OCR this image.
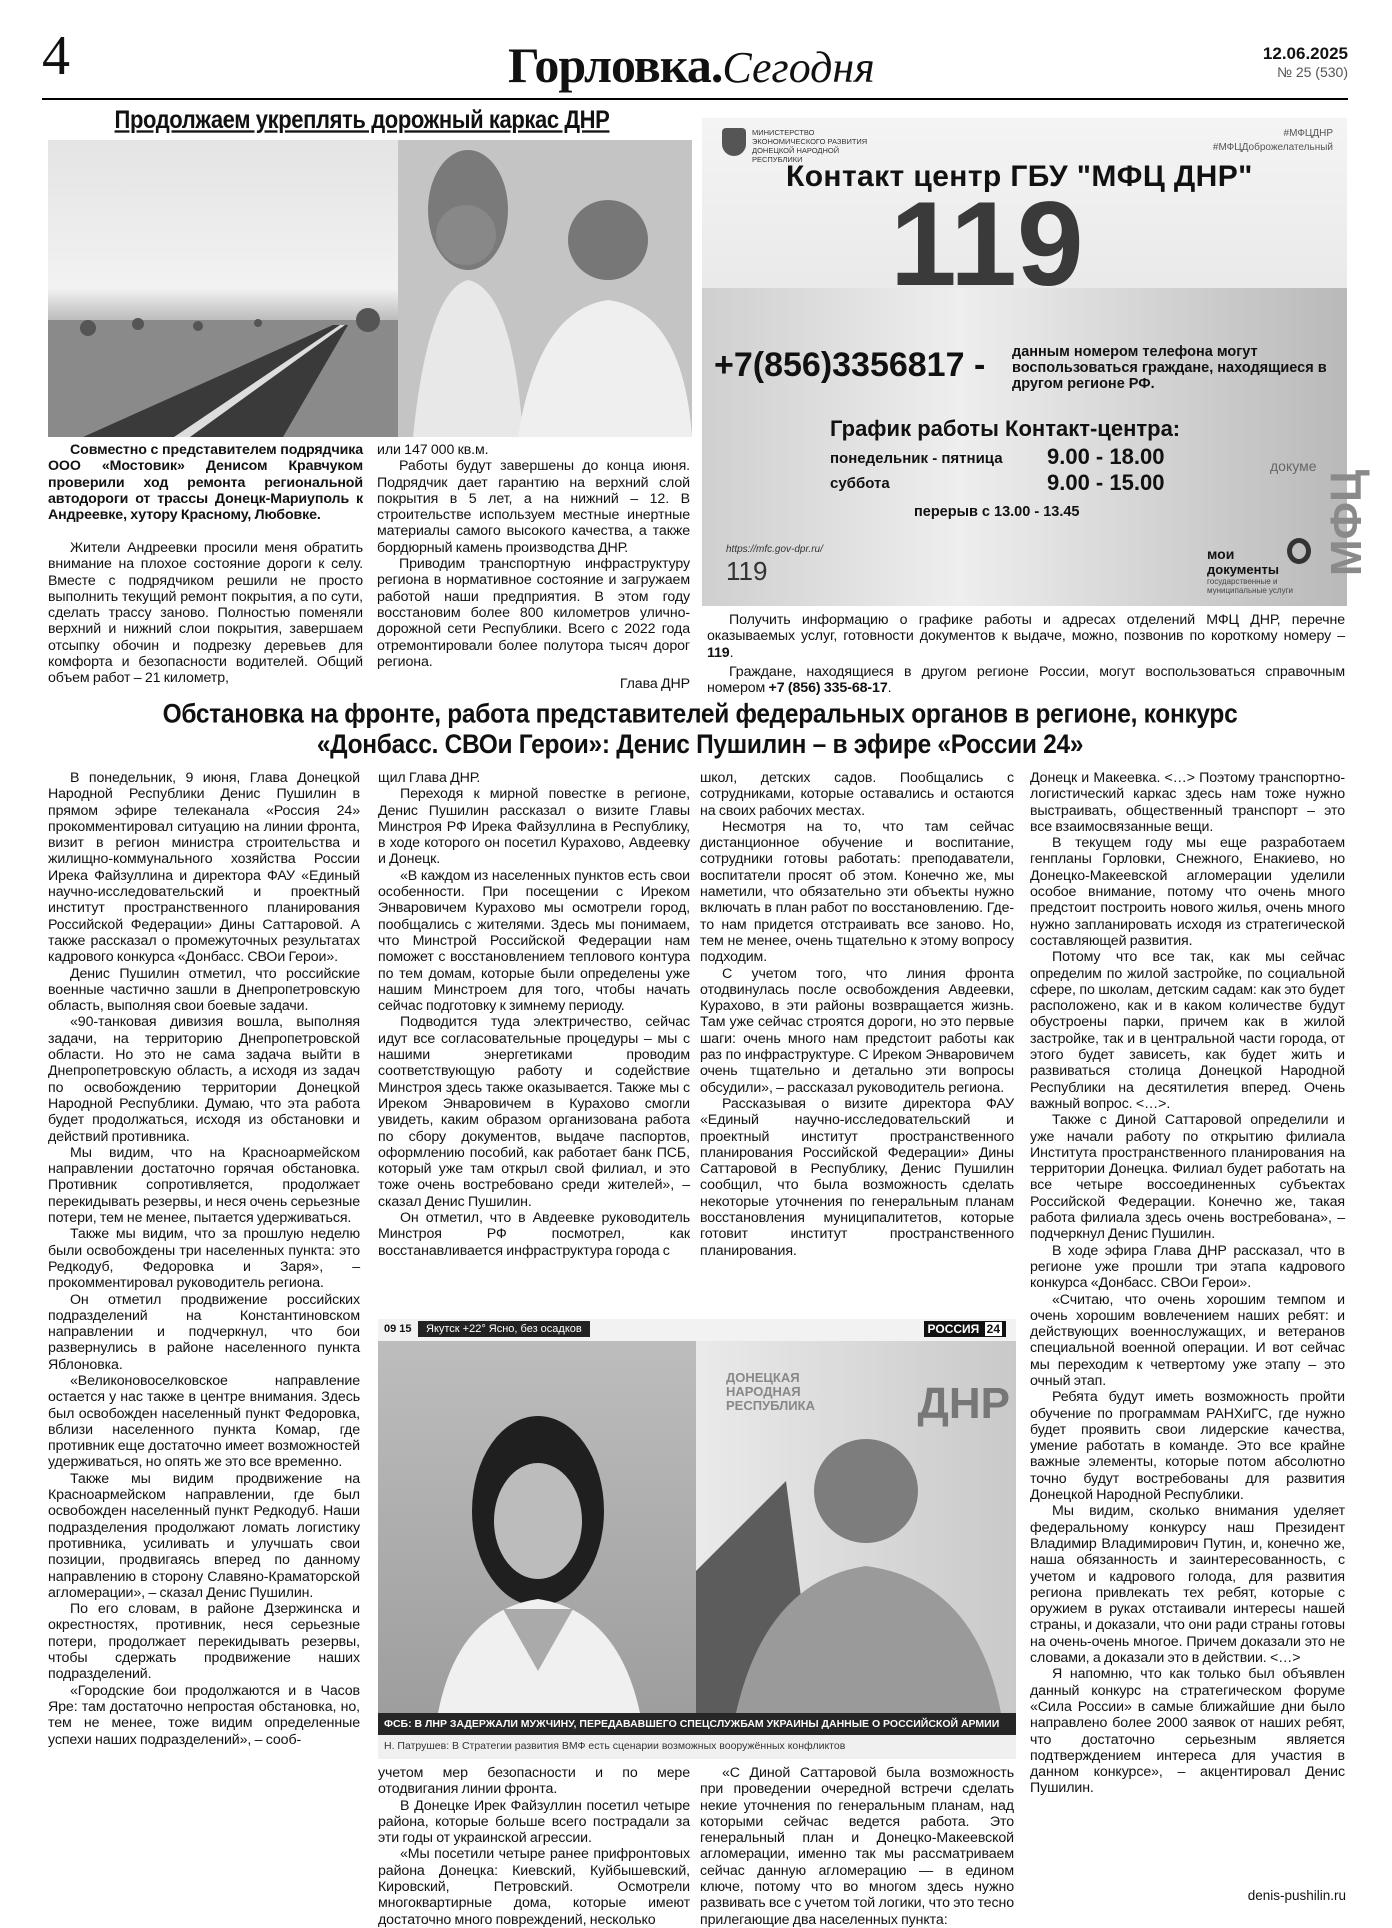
4	Горловка.Сегодня	12.06.2025
№ 25 (530)
Продолжаем укреплять дорожный каркас ДНР
Совместно с представителем подрядчика ООО «Мостовик» Денисом Кравчуком проверили ход ремонта региональной автодороги от трассы Донецк-Мариуполь к Андреевке, хутору Красному, Любовке.
Жители Андреевки просили меня обратить внимание на плохое состояние дороги к селу. Вместе с подрядчиком решили не просто выполнить текущий ремонт покрытия, а по сути, сделать трассу заново. Полностью поменяли верхний и нижний слои покрытия, завершаем отсыпку обочин и подрезку деревьев для комфорта и безопасности водителей. Общий объем работ – 21 километр,

или 147 000 кв.м.

Работы будут завершены до конца июня. Подрядчик дает гарантию на верхний слой покрытия в 5 лет, а на нижний – 12. В строительстве используем местные инертные материалы самого высокого качества, а также бордюрный камень производства ДНР.

Приводим транспортную инфраструктуру региона в нормативное состояние и загружаем работой наши предприятия. В этом году восстановим более 800 километров улично-дорожной сети Республики. Всего с 2022 года отремонтировали более полутора тысяч дорог региона.

Глава ДНР

МФЦ
докуме
МИНИСТЕРСТВО ЭКОНОМИЧЕСКОГО РАЗВИТИЯ ДОНЕЦКОЙ НАРОДНОЙ РЕСПУБЛИКИ
#МФЦДНР
#МФЦДоброжелательный
Контакт центр ГБУ "МФЦ ДНР"
119
+7(856)3356817 - данным номером телефона могут воспользоваться граждане, находящиеся в другом регионе РФ.
График работы Контакт-центра:
понедельник - пятница 9.00 - 18.00
суббота	9.00 - 15.00
перерыв с 13.00 - 13.45
https://mfc.gov-dpr.ru/
119
мои
документы
государственные и муниципальные услуги

Получить информацию о графике работы и адресах отделений МФЦ ДНР, перечне оказываемых услуг, готовности документов к выдаче, можно, позвонив по короткому номеру – 119.

Граждане, находящиеся в другом регионе России, могут воспользоваться справочным номером +7 (856) 335-68-17.

Обстановка на фронте, работа представителей федеральных органов в регионе, конкурс
«Донбасс. СВОи Герои»: Денис Пушилин – в эфире «России 24»

В понедельник, 9 июня, Глава Донецкой Народной Республики Денис Пушилин в прямом эфире телеканала «Россия 24» прокомментировал ситуацию на линии фронта, визит в регион министра строительства и жилищно-коммунального хозяйства России Ирека Файзуллина и директора ФАУ «Единый научно-исследовательский и проектный институт пространственного планирования Российской Федерации» Дины Саттаровой. А также рассказал о промежуточных результатах кадрового конкурса «Донбасс. СВОи Герои».

Денис Пушилин отметил, что российские военные частично зашли в Днепропетровскую область, выполняя свои боевые задачи.

«90-танковая дивизия вошла, выполняя задачи, на территорию Днепропетровской области. Но это не сама задача выйти в Днепропетровскую область, а исходя из задач по освобождению территории Донецкой Народной Республики. Думаю, что эта работа будет продолжаться, исходя из обстановки и действий противника.

Мы видим, что на Красноармейском направлении достаточно горячая обстановка. Противник сопротивляется, продолжает перекидывать резервы, и неся очень серьезные потери, тем не менее, пытается удерживаться.

Также мы видим, что за прошлую неделю были освобождены три населенных пункта: это Редкодуб, Федоровка и Заря», – прокомментировал руководитель региона.

Он отметил продвижение российских подразделений на Константиновском направлении и подчеркнул, что бои развернулись в районе населенного пункта Яблоновка.

«Великоновоселковское направление остается у нас также в центре внимания. Здесь был освобожден населенный пункт Федоровка, вблизи населенного пункта Комар, где противник еще достаточно имеет возможностей удерживаться, но опять же это все временно.

Также мы видим продвижение на Красноармейском направлении, где был освобожден населенный пункт Редкодуб. Наши подразделения продолжают ломать логистику противника, усиливать и улучшать свои позиции, продвигаясь вперед по данному направлению в сторону Славяно-Краматорской агломерации», – сказал Денис Пушилин.

По его словам, в районе Дзержинска и окрестностях, противник, неся серьезные потери, продолжает перекидывать резервы, чтобы сдержать продвижение наших подразделений.

«Городские бои продолжаются и в Часов Яре: там достаточно непростая обстановка, но, тем не менее, тоже видим определенные успехи наших подразделений», – сооб-

щил Глава ДНР.

Переходя к мирной повестке в регионе, Денис Пушилин рассказал о визите Главы Минстроя РФ Ирека Файзуллина в Республику, в ходе которого он посетил Курахово, Авдеевку и Донецк.

«В каждом из населенных пунктов есть свои особенности. При посещении с Иреком Энваровичем Курахово мы осмотрели город, пообщались с жителями. Здесь мы понимаем, что Минстрой Российской Федерации нам поможет с восстановлением теплового контура по тем домам, которые были определены уже нашим Минстроем для того, чтобы начать сейчас подготовку к зимнему периоду.

Подводится туда электричество, сейчас идут все согласовательные процедуры – мы с нашими энергетиками проводим соответствующую работу и содействие Минстроя здесь также оказывается. Также мы с Иреком Энваровичем в Курахово смогли увидеть, каким образом организована работа по сбору документов, выдаче паспортов, оформлению пособий, как работает банк ПСБ, который уже там открыл свой филиал, и это тоже очень востребовано среди жителей», – сказал Денис Пушилин.

Он отметил, что в Авдеевке руководитель Минстроя РФ посмотрел, как восстанавливается инфраструктура города с

школ, детских садов. Пообщались с сотрудниками, которые оставались и остаются на своих рабочих местах.

Несмотря на то, что там сейчас дистанционное обучение и воспитание, сотрудники готовы работать: преподаватели, воспитатели просят об этом. Конечно же, мы наметили, что обязательно эти объекты нужно включать в план работ по восстановлению. Где-то нам придется отстраивать все заново. Но, тем не менее, очень тщательно к этому вопросу подходим.

С учетом того, что линия фронта отодвинулась после освобождения Авдеевки, Курахово, в эти районы возвращается жизнь. Там уже сейчас строятся дороги, но это первые шаги: очень много нам предстоит работы как раз по инфраструктуре. С Иреком Энваровичем очень тщательно и детально эти вопросы обсудили», – рассказал руководитель региона.

Рассказывая о визите директора ФАУ «Единый научно-исследовательский и проектный институт пространственного планирования Российской Федерации» Дины Саттаровой в Республику, Денис Пушилин сообщил, что была возможность сделать некоторые уточнения по генеральным планам восстановления муниципалитетов, которые готовит институт пространственного планирования.

Донецк и Макеевка. <…> Поэтому транспортно-логистический каркас здесь нам тоже нужно выстраивать, общественный транспорт – это все взаимосвязанные вещи.

В текущем году мы еще разработаем генпланы Горловки, Снежного, Енакиево, но Донецко-Макеевской агломерации уделили особое внимание, потому что очень много предстоит построить нового жилья, очень много нужно запланировать исходя из стратегической составляющей развития.

Потому что все так, как мы сейчас определим по жилой застройке, по социальной сфере, по школам, детским садам: как это будет расположено, как и в каком количестве будут обустроены парки, причем как в жилой застройке, так и в центральной части города, от этого будет зависеть, как будет жить и развиваться столица Донецкой Народной Республики на десятилетия вперед. Очень важный вопрос. <…>.

Также с Диной Саттаровой определили и уже начали работу по открытию филиала Института пространственного планирования на территории Донецка. Филиал будет работать на все четыре воссоединенных субъектах Российской Федерации. Конечно же, такая работа филиала здесь очень востребована», – подчеркнул Денис Пушилин.

В ходе эфира Глава ДНР рассказал, что в регионе уже прошли три этапа кадрового конкурса «Донбасс. СВОи Герои».

«Считаю, что очень хорошим темпом и очень хорошим вовлечением наших ребят: и действующих военнослужащих, и ветеранов специальной военной операции. И вот сейчас мы переходим к четвертому уже этапу – это очный этап.

Ребята будут иметь возможность пройти обучение по программам РАНХиГС, где нужно будет проявить свои лидерские качества, умение работать в команде. Это все крайне важные элементы, которые потом абсолютно точно будут востребованы для развития Донецкой Народной Республики.

Мы видим, сколько внимания уделяет федеральному конкурсу наш Президент Владимир Владимирович Путин, и, конечно же, наша обязанность и заинтересованность, с учетом и кадрового голода, для развития региона привлекать тех ребят, которые с оружием в руках отстаивали интересы нашей страны, и доказали, что они ради страны готовы на очень-очень многое. Причем доказали это не словами, а доказали это в действии. <…>

Я напомню, что как только был объявлен данный конкурс на стратегическом форуме «Сила России» в самые ближайшие дни было направлено более 2000 заявок от наших ребят, что достаточно серьезным является подтверждением интереса для участия в данном конкурсе», – акцентировал Денис Пушилин.

учетом мер безопасности и по мере отодвигания линии фронта.

В Донецке Ирек Файзуллин посетил четыре района, которые больше всего пострадали за эти годы от украинской агрессии.

«Мы посетили четыре ранее прифронтовых района Донецка: Киевский, Куйбышевский, Кировский, Петровский. Осмотрели многоквартирные дома, которые имеют достаточно много повреждений, несколько

«С Диной Саттаровой была возможность при проведении очередной встречи сделать некие уточнения по генеральным планам, над которыми сейчас ведется работа. Это генеральный план и Донецко-Макеевской агломерации, именно так мы рассматриваем сейчас данную агломерацию — в едином ключе, потому что во многом здесь нужно развивать все с учетом той логики, что это тесно прилегающие два населенных пункта:

09 15	Якутск +22° Ясно, без осадков	РОССИЯ 24
ДНР
ДОНЕЦКАЯ НАРОДНАЯ РЕСПУБЛИКА
ФСБ: В ЛНР ЗАДЕРЖАЛИ МУЖЧИНУ, ПЕРЕДАВАВШЕГО СПЕЦСЛУЖБАМ УКРАИНЫ ДАННЫЕ О РОССИЙСКОЙ АРМИИ
Н. Патрушев: В Стратегии развития ВМФ есть сценарии возможных вооружённых конфликтов
denis-pushilin.ru
